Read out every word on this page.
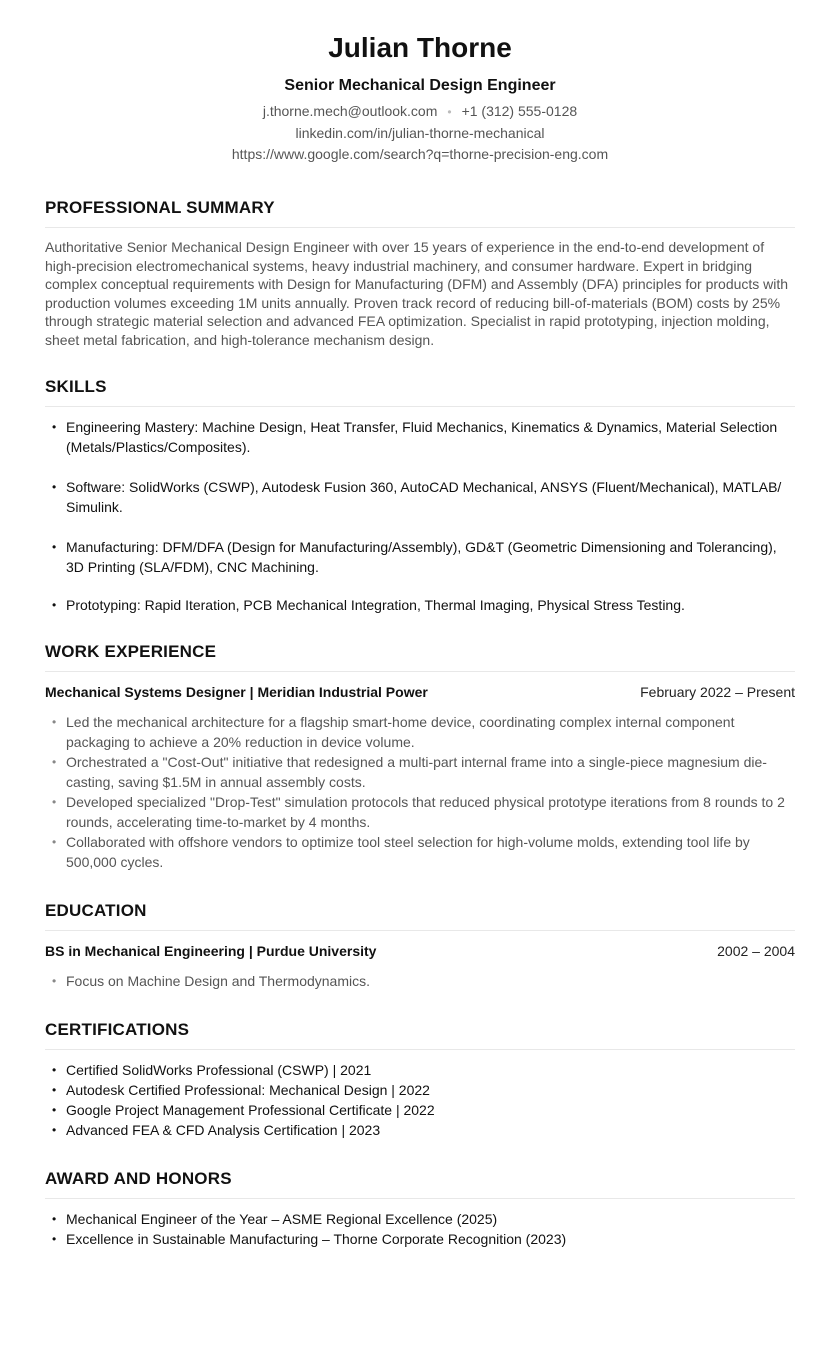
Julian Thorne
Senior Mechanical Design Engineer
j.thorne.mech@outlook.com • +1 (312) 555-0128
linkedin.com/in/julian-thorne-mechanical
https://www.google.com/search?q=thorne-precision-eng.com
PROFESSIONAL SUMMARY

Authoritative Senior Mechanical Design Engineer with over 15 years of experience in the end-to-end development of high-precision electromechanical systems, heavy industrial machinery, and consumer hardware. Expert in bridging complex conceptual requirements with Design for Manufacturing (DFM) and Assembly (DFA) principles for products with production volumes exceeding 1M units annually. Proven track record of reducing bill-of-materials (BOM) costs by 25% through strategic material selection and advanced FEA optimization. Specialist in rapid prototyping, injection molding, sheet metal fabrication, and high-tolerance mechanism design.

SKILLS
• Engineering Mastery: Machine Design, Heat Transfer, Fluid Mechanics, Kinematics & Dynamics, Material Selection (Metals/Plastics/Composites).
• Software: SolidWorks (CSWP), Autodesk Fusion 360, AutoCAD Mechanical, ANSYS (Fluent/Mechanical), MATLAB/ Simulink.
• Manufacturing: DFM/DFA (Design for Manufacturing/Assembly), GD&T (Geometric Dimensioning and Tolerancing), 3D Printing (SLA/FDM), CNC Machining.
• Prototyping: Rapid Iteration, PCB Mechanical Integration, Thermal Imaging, Physical Stress Testing.
WORK EXPERIENCE
Mechanical Systems Designer | Meridian Industrial Power	February 2022 – Present
• Led the mechanical architecture for a flagship smart-home device, coordinating complex internal component packaging to achieve a 20% reduction in device volume.
• Orchestrated a "Cost-Out" initiative that redesigned a multi-part internal frame into a single-piece magnesium die-casting, saving $1.5M in annual assembly costs.
• Developed specialized "Drop-Test" simulation protocols that reduced physical prototype iterations from 8 rounds to 2 rounds, accelerating time-to-market by 4 months.
• Collaborated with offshore vendors to optimize tool steel selection for high-volume molds, extending tool life by 500,000 cycles.
EDUCATION
BS in Mechanical Engineering | Purdue University	2002 – 2004
• Focus on Machine Design and Thermodynamics.
CERTIFICATIONS
• Certified SolidWorks Professional (CSWP) | 2021
• Autodesk Certified Professional: Mechanical Design | 2022
• Google Project Management Professional Certificate | 2022
• Advanced FEA & CFD Analysis Certification | 2023
AWARD AND HONORS
• Mechanical Engineer of the Year – ASME Regional Excellence (2025)
• Excellence in Sustainable Manufacturing – Thorne Corporate Recognition (2023)
